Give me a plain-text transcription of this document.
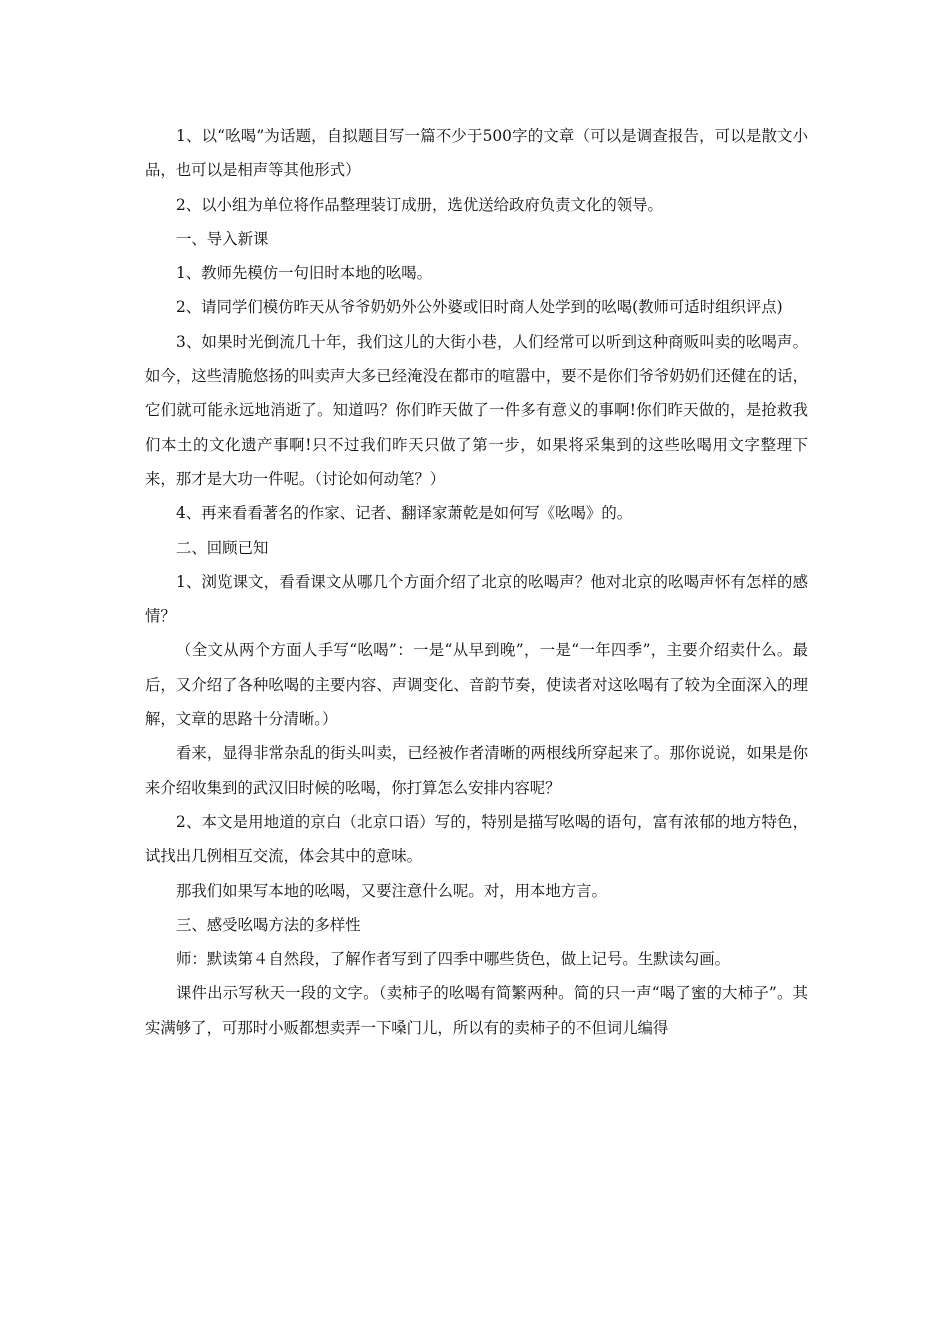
1、以“吆喝”为话题，自拟题目写一篇不少于500字的文章（可以是调查报告，可以是散文小品，也可以是相声等其他形式）

2、以小组为单位将作品整理装订成册，选优送给政府负责文化的领导。

一、导入新课

1、教师先模仿一句旧时本地的吆喝。

2、请同学们模仿昨天从爷爷奶奶外公外婆或旧时商人处学到的吆喝(教师可适时组织评点)

3、如果时光倒流几十年，我们这儿的大街小巷，人们经常可以听到这种商贩叫卖的吆喝声。如今，这些清脆悠扬的叫卖声大多已经淹没在都市的喧嚣中，要不是你们爷爷奶奶们还健在的话，它们就可能永远地消逝了。知道吗？你们昨天做了一件多有意义的事啊!你们昨天做的，是抢救我们本土的文化遗产事啊!只不过我们昨天只做了第一步，如果将采集到的这些吆喝用文字整理下来，那才是大功一件呢。（讨论如何动笔？）

4、再来看看著名的作家、记者、翻译家萧乾是如何写《吆喝》的。

二、回顾已知

1、浏览课文，看看课文从哪几个方面介绍了北京的吆喝声？他对北京的吆喝声怀有怎样的感情？

（全文从两个方面人手写“吆喝”：一是“从早到晚”，一是“一年四季”，主要介绍卖什么。最后，又介绍了各种吆喝的主要内容、声调变化、音韵节奏，使读者对这吆喝有了较为全面深入的理解，文章的思路十分清晰。）

看来，显得非常杂乱的街头叫卖，已经被作者清晰的两根线所穿起来了。那你说说，如果是你来介绍收集到的武汉旧时候的吆喝，你打算怎么安排内容呢？

2、本文是用地道的京白（北京口语）写的，特别是描写吆喝的语句，富有浓郁的地方特色，试找出几例相互交流，体会其中的意味。

那我们如果写本地的吆喝，又要注意什么呢。对，用本地方言。

三、感受吆喝方法的多样性

师：默读第４自然段，了解作者写到了四季中哪些货色，做上记号。生默读勾画。

课件出示写秋天一段的文字。（卖柿子的吆喝有简繁两种。简的只一声“喝了蜜的大柿子”。其实满够了，可那时小贩都想卖弄一下嗓门儿，所以有的卖柿子的不但词儿编得
